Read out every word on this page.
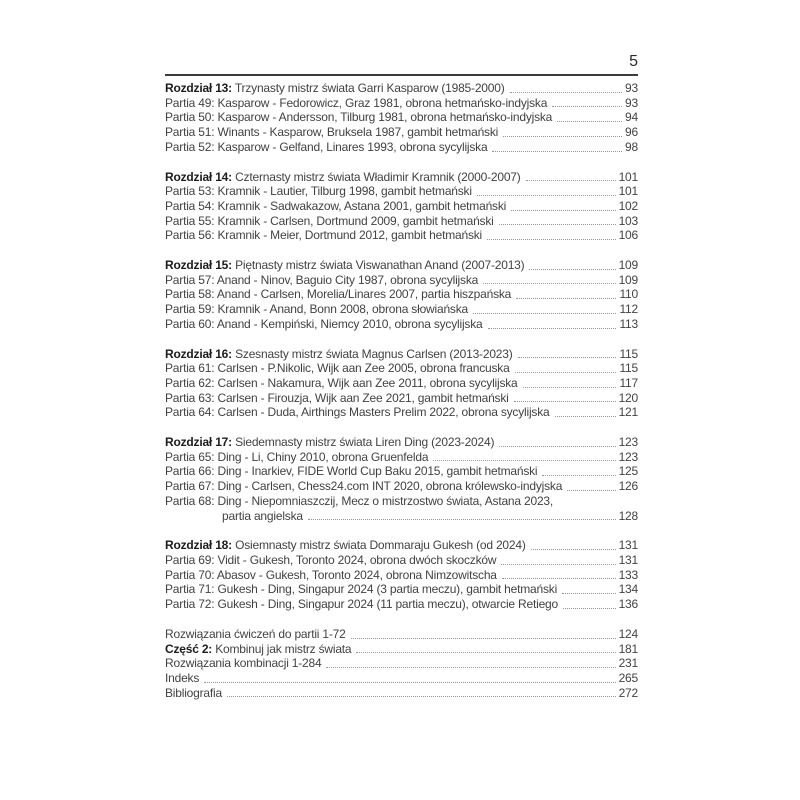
5
Rozdział 13: Trzynasty mistrz świata Garri Kasparow (1985-2000)	93
Partia 49: Kasparow - Fedorowicz, Graz 1981, obrona hetmańsko-indyjska	93
Partia 50: Kasparow - Andersson, Tilburg 1981, obrona hetmańsko-indyjska	94
Partia 51: Winants - Kasparow, Bruksela 1987, gambit hetmański	96
Partia 52: Kasparow - Gelfand, Linares 1993, obrona sycylijska	98
Rozdział 14: Czternasty mistrz świata Władimir Kramnik (2000-2007)	101
Partia 53: Kramnik - Lautier, Tilburg 1998, gambit hetmański	101
Partia 54: Kramnik - Sadwakazow, Astana 2001, gambit hetmański	102
Partia 55: Kramnik - Carlsen, Dortmund 2009, gambit hetmański	103
Partia 56: Kramnik - Meier, Dortmund 2012, gambit hetmański	106
Rozdział 15: Piętnasty mistrz świata Viswanathan Anand (2007-2013)	109
Partia 57: Anand - Ninov, Baguio City 1987, obrona sycylijska	109
Partia 58: Anand - Carlsen, Morelia/Linares 2007, partia hiszpańska	110
Partia 59: Kramnik - Anand, Bonn 2008, obrona słowiańska	112
Partia 60: Anand - Kempiński, Niemcy 2010, obrona sycylijska	113
Rozdział 16: Szesnasty mistrz świata Magnus Carlsen (2013-2023)	115
Partia 61: Carlsen - P.Nikolic, Wijk aan Zee 2005, obrona francuska	115
Partia 62: Carlsen - Nakamura, Wijk aan Zee 2011, obrona sycylijska	117
Partia 63: Carlsen - Firouzja, Wijk aan Zee 2021, gambit hetmański	120
Partia 64: Carlsen - Duda, Airthings Masters Prelim 2022, obrona sycylijska	121
Rozdział 17: Siedemnasty mistrz świata Liren Ding (2023-2024)	123
Partia 65: Ding - Li, Chiny 2010, obrona Gruenfelda	123
Partia 66: Ding - Inarkiev, FIDE World Cup Baku 2015, gambit hetmański	125
Partia 67: Ding - Carlsen, Chess24.com INT 2020, obrona królewsko-indyjska	126
Partia 68: Ding - Niepomniaszczij, Mecz o mistrzostwo świata, Astana 2023,
partia angielska	128
Rozdział 18: Osiemnasty mistrz świata Dommaraju Gukesh (od 2024)	131
Partia 69: Vidit - Gukesh, Toronto 2024, obrona dwóch skoczków	131
Partia 70: Abasov - Gukesh, Toronto 2024, obrona Nimzowitscha	133
Partia 71: Gukesh - Ding, Singapur 2024 (3 partia meczu), gambit hetmański	134
Partia 72: Gukesh - Ding, Singapur 2024 (11 partia meczu), otwarcie Retiego	136
Rozwiązania ćwiczeń do partii 1-72	124
Część 2: Kombinuj jak mistrz świata	181
Rozwiązania kombinacji 1-284	231
Indeks	265
Bibliografia	272
